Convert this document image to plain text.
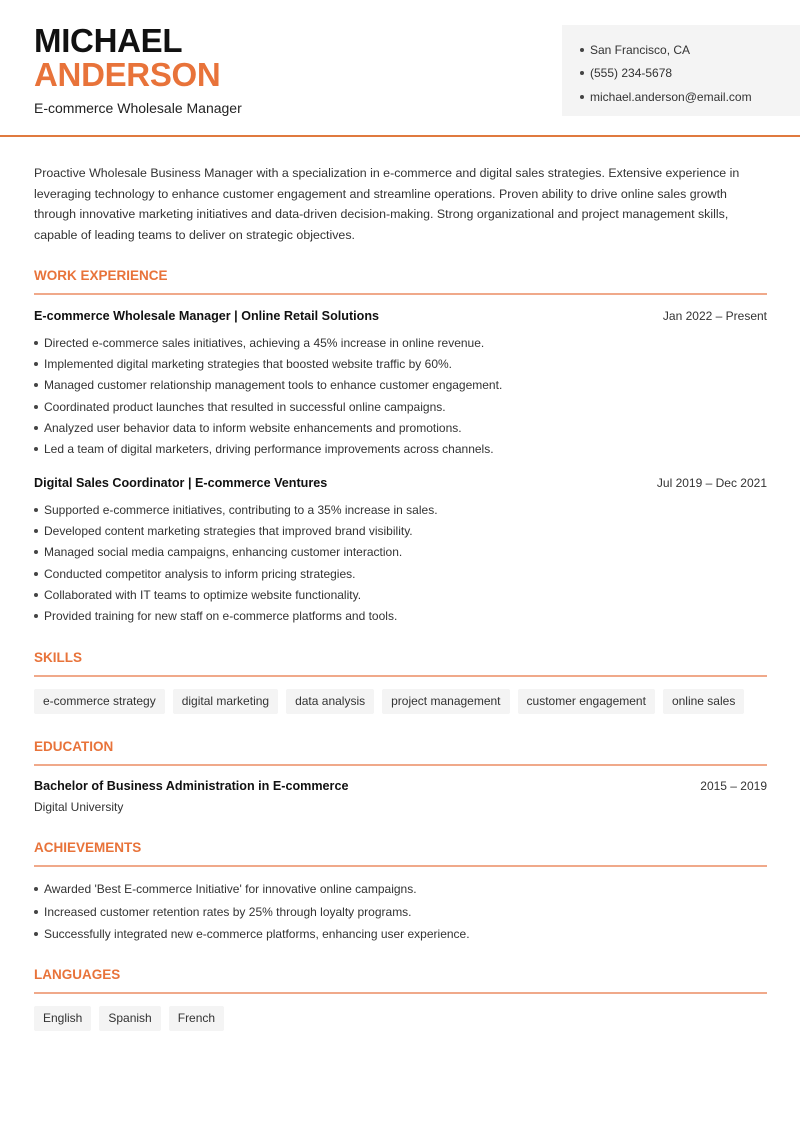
MICHAEL
ANDERSON
E-commerce Wholesale Manager
San Francisco, CA
(555) 234-5678
michael.anderson@email.com

Proactive Wholesale Business Manager with a specialization in e-commerce and digital sales strategies. Extensive experience in leveraging technology to enhance customer engagement and streamline operations. Proven ability to drive online sales growth through innovative marketing initiatives and data-driven decision-making. Strong organizational and project management skills, capable of leading teams to deliver on strategic objectives.

WORK EXPERIENCE
E-commerce Wholesale Manager | Online Retail Solutions	Jan 2022 – Present
Directed e-commerce sales initiatives, achieving a 45% increase in online revenue.
Implemented digital marketing strategies that boosted website traffic by 60%.
Managed customer relationship management tools to enhance customer engagement.
Coordinated product launches that resulted in successful online campaigns.
Analyzed user behavior data to inform website enhancements and promotions.
Led a team of digital marketers, driving performance improvements across channels.
Digital Sales Coordinator | E-commerce Ventures	Jul 2019 – Dec 2021
Supported e-commerce initiatives, contributing to a 35% increase in sales.
Developed content marketing strategies that improved brand visibility.
Managed social media campaigns, enhancing customer interaction.
Conducted competitor analysis to inform pricing strategies.
Collaborated with IT teams to optimize website functionality.
Provided training for new staff on e-commerce platforms and tools.
SKILLS
e-commerce strategy	digital marketing	data analysis	project management	customer engagement	online sales
EDUCATION
Bachelor of Business Administration in E-commerce	2015 – 2019
Digital University
ACHIEVEMENTS
Awarded 'Best E-commerce Initiative' for innovative online campaigns.
Increased customer retention rates by 25% through loyalty programs.
Successfully integrated new e-commerce platforms, enhancing user experience.
LANGUAGES
English	Spanish	French
